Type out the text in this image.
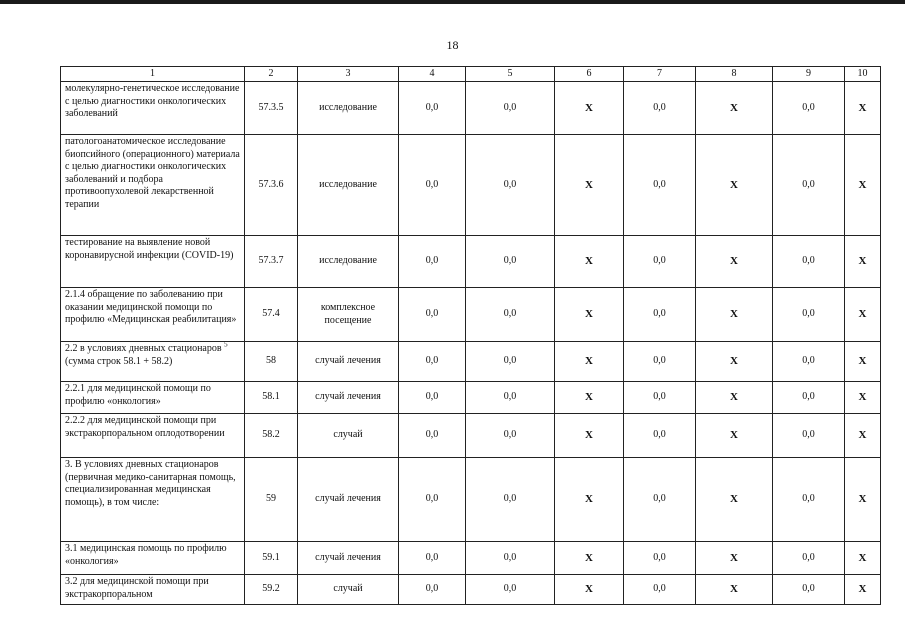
18
1	2	3	4	5	6	7	8	9	10
молекулярно-генетическое исследование с целью диагностики онкологических заболеваний	57.3.5	исследование	0,0	0,0	X	0,0	X	0,0	X
патологоанатомическое исследование биопсийного (операционного) материала с целью диагностики онкологических заболеваний и подбора противоопухолевой лекарственной терапии	57.3.6	исследование	0,0	0,0	X	0,0	X	0,0	X
тестирование на выявление новой коронавирусной инфекции (COVID-19)	57.3.7	исследование	0,0	0,0	X	0,0	X	0,0	X
2.1.4 обращение по заболеванию при оказании медицинской помощи по профилю «Медицинская реабилитация»	57.4	комплексное посещение	0,0	0,0	X	0,0	X	0,0	X
2.2 в условиях дневных стационаров $^5$ (сумма строк 58.1 + 58.2)	58	случай лечения	0,0	0,0	X	0,0	X	0,0	X
2.2.1 для медицинской помощи по профилю «онкология»	58.1	случай лечения	0,0	0,0	X	0,0	X	0,0	X
2.2.2 для медицинской помощи при экстракорпоральном оплодотворении	58.2	случай	0,0	0,0	X	0,0	X	0,0	X
3. В условиях дневных стационаров (первичная медико-санитарная помощь, специализированная медицинская помощь), в том числе:	59	случай лечения	0,0	0,0	X	0,0	X	0,0	X
3.1 медицинская помощь по профилю «онкология»	59.1	случай лечения	0,0	0,0	X	0,0	X	0,0	X
3.2 для медицинской помощи при экстракорпоральном	59.2	случай	0,0	0,0	X	0,0	X	0,0	X
